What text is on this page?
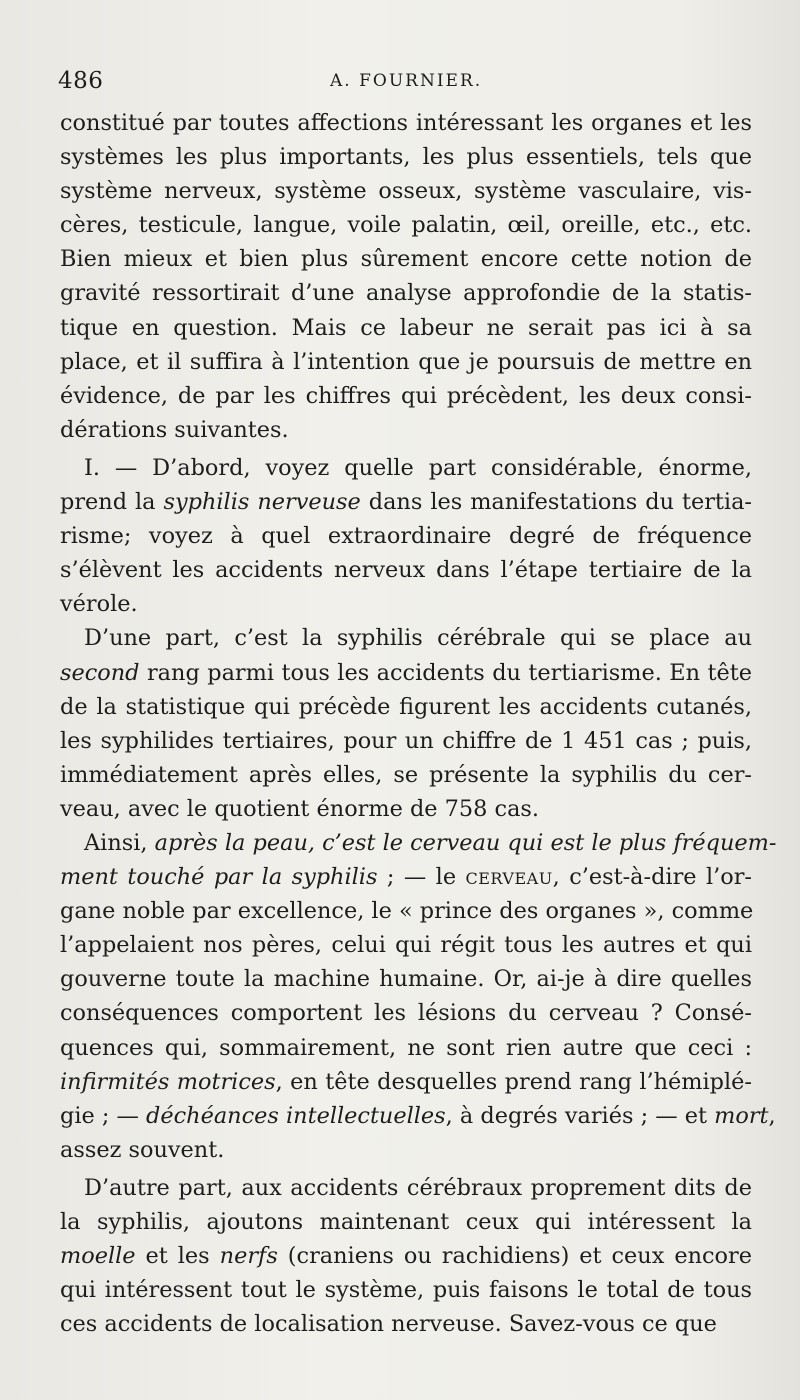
486	A. FOURNIER.
constitué par toutes affections intéressant les organes et les
systèmes les plus importants, les plus essentiels, tels que
système nerveux, système osseux, système vasculaire, vis-
cères, testicule, langue, voile palatin, œil, oreille, etc., etc.
Bien mieux et bien plus sûrement encore cette notion de
gravité ressortirait d’une analyse approfondie de la statis-
tique en question. Mais ce labeur ne serait pas ici à sa
place, et il suffira à l’intention que je poursuis de mettre en
évidence, de par les chiffres qui précèdent, les deux consi-
dérations suivantes.
I. — D’abord, voyez quelle part considérable, énorme,
prend la syphilis nerveuse dans les manifestations du tertia-
risme; voyez à quel extraordinaire degré de fréquence
s’élèvent les accidents nerveux dans l’étape tertiaire de la
vérole.
D’une part, c’est la syphilis cérébrale qui se place au
second rang parmi tous les accidents du tertiarisme. En tête
de la statistique qui précède figurent les accidents cutanés,
les syphilides tertiaires, pour un chiffre de 1 451 cas ; puis,
immédiatement après elles, se présente la syphilis du cer-
veau, avec le quotient énorme de 758 cas.
Ainsi, après la peau, c’est le cerveau qui est le plus fréquem-
ment touché par la syphilis ; — le cerveau, c’est-à-dire l’or-
gane noble par excellence, le « prince des organes », comme
l’appelaient nos pères, celui qui régit tous les autres et qui
gouverne toute la machine humaine. Or, ai-je à dire quelles
conséquences comportent les lésions du cerveau ? Consé-
quences qui, sommairement, ne sont rien autre que ceci :
infirmités motrices, en tête desquelles prend rang l’hémiplé-
gie ; — déchéances intellectuelles, à degrés variés ; — et mort,
assez souvent.
D’autre part, aux accidents cérébraux proprement dits de
la syphilis, ajoutons maintenant ceux qui intéressent la
moelle et les nerfs (craniens ou rachidiens) et ceux encore
qui intéressent tout le système, puis faisons le total de tous
ces accidents de localisation nerveuse. Savez-vous ce que
